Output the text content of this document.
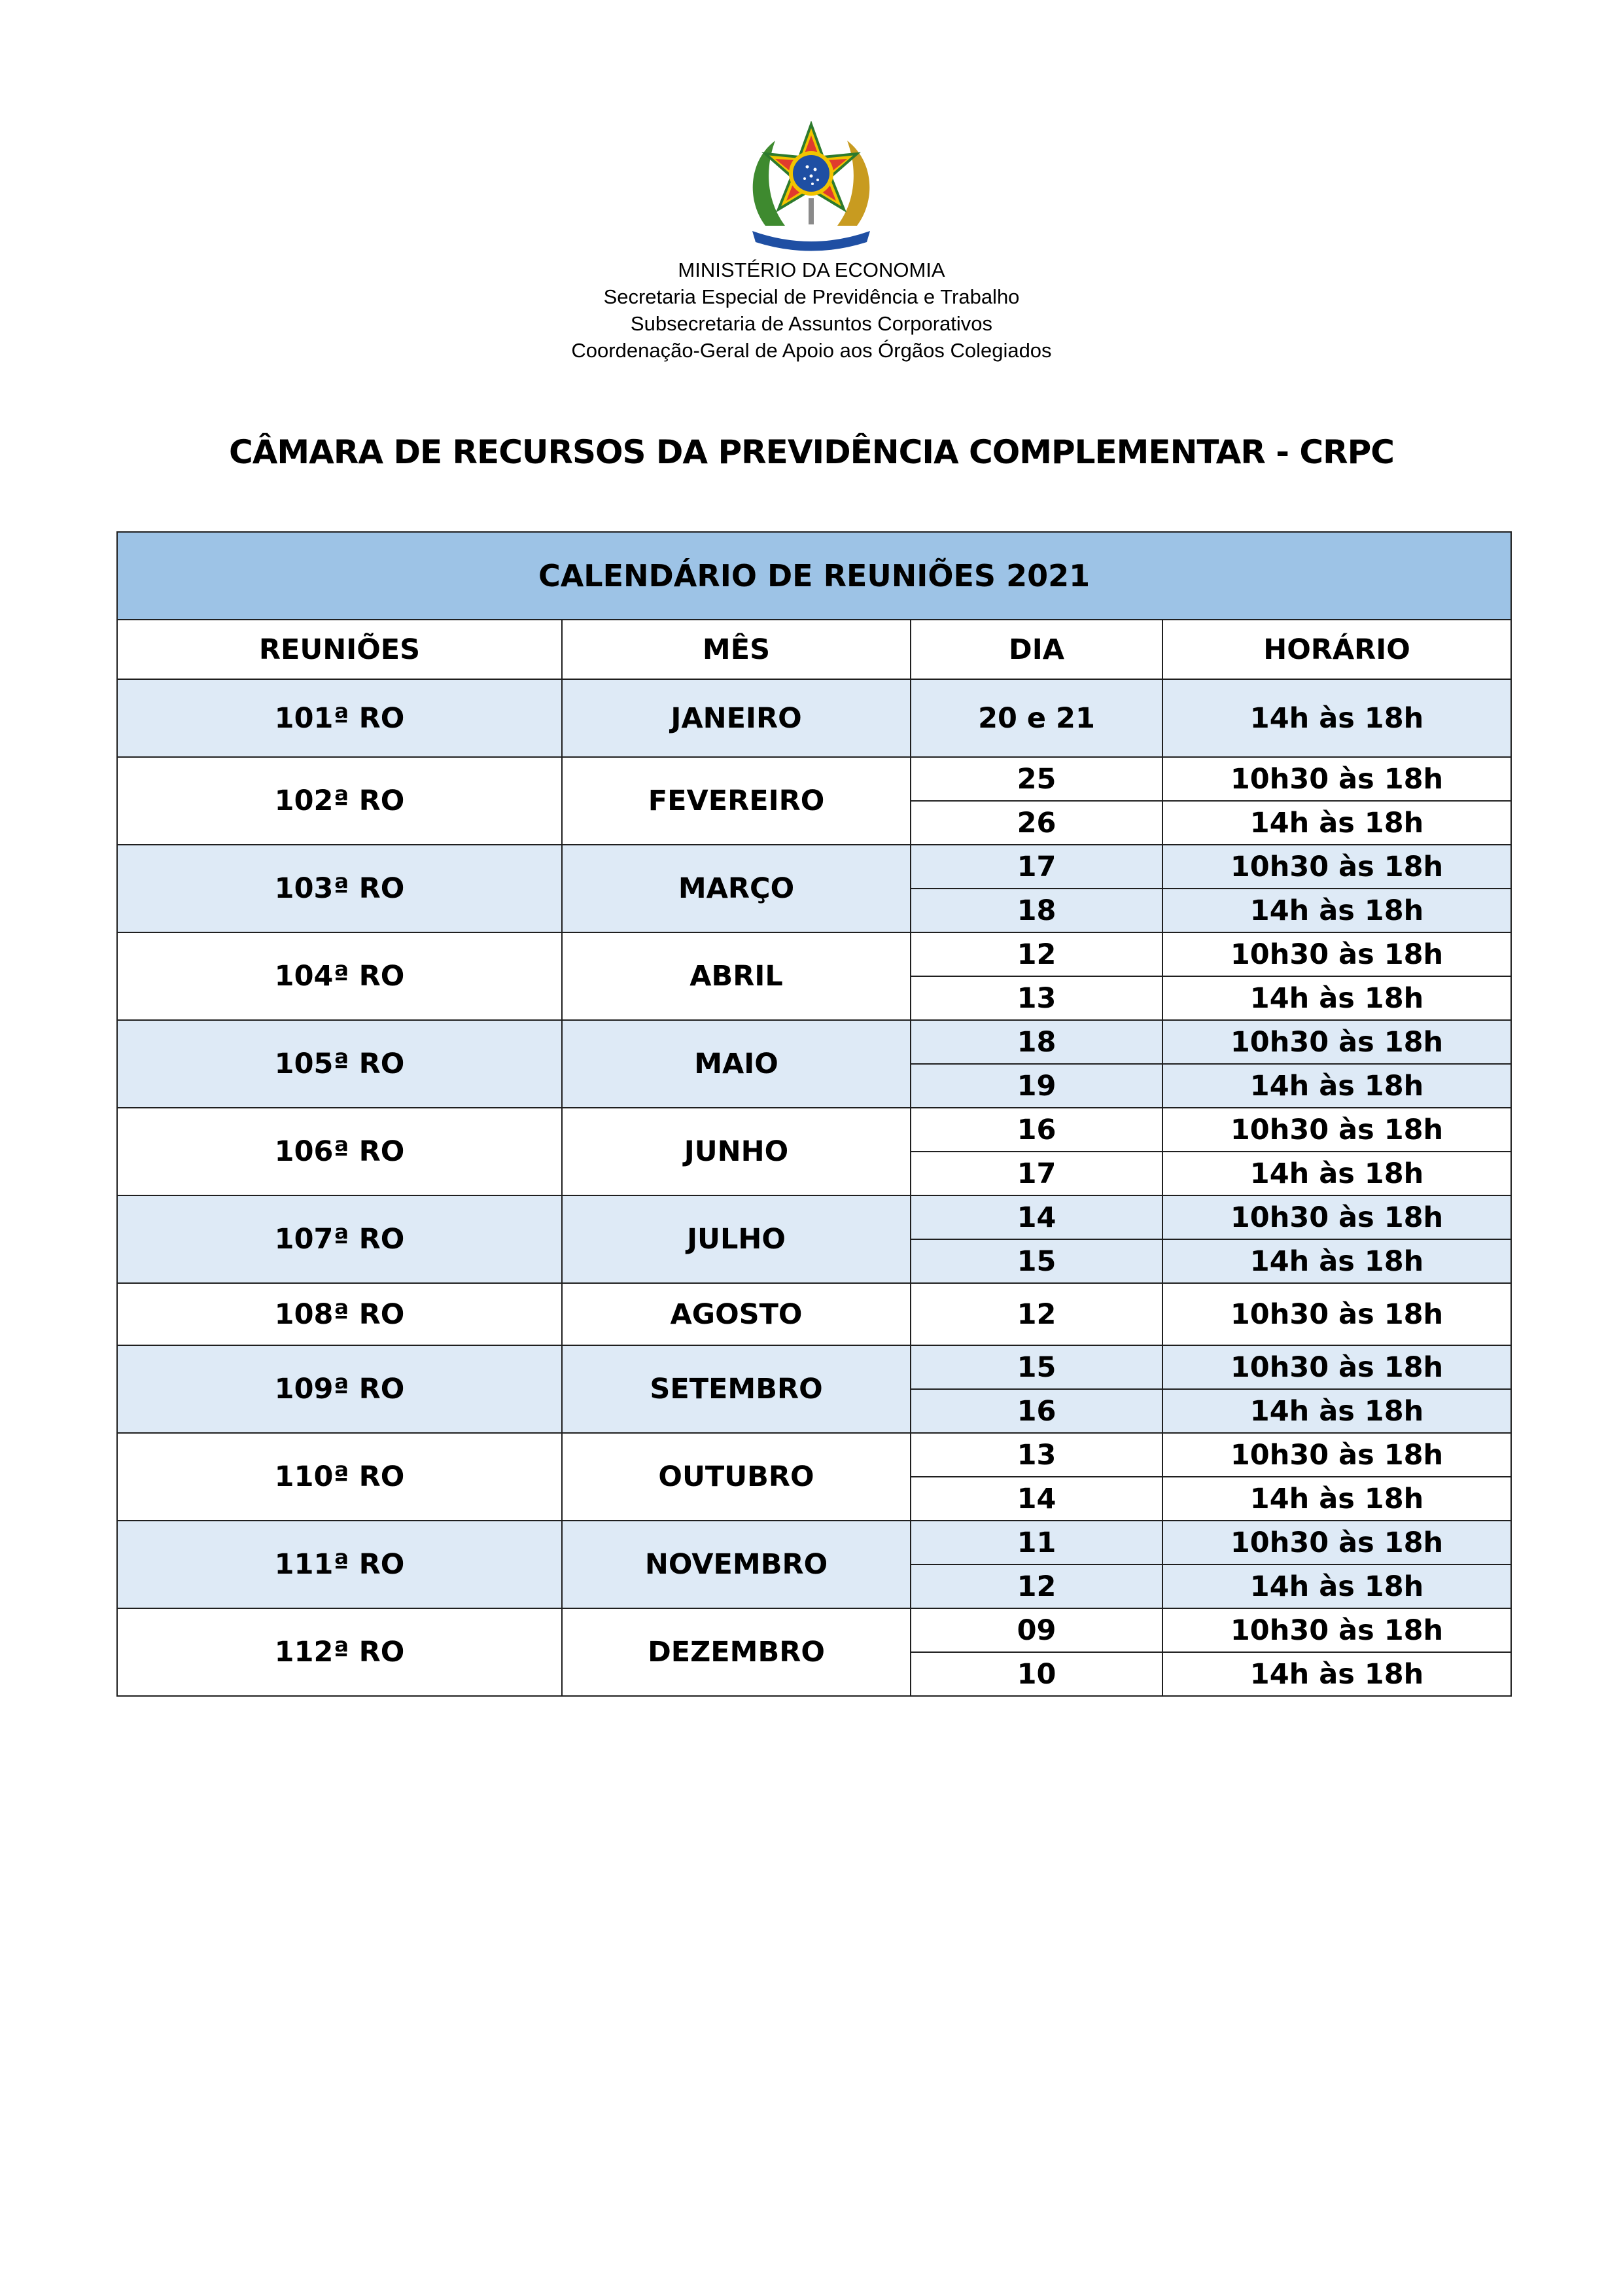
MINISTÉRIO DA ECONOMIA
Secretaria Especial de Previdência e Trabalho
Subsecretaria de Assuntos Corporativos
Coordenação-Geral de Apoio aos Órgãos Colegiados
CÂMARA DE RECURSOS DA PREVIDÊNCIA COMPLEMENTAR - CRPC
CALENDÁRIO DE REUNIÕES 2021			
REUNIÕES	MÊS	DIA	HORÁRIO
101ª RO	JANEIRO	20 e 21	14h às 18h
102ª RO	FEVEREIRO	25	10h30 às 18h
		26	14h às 18h
103ª RO	MARÇO	17	10h30 às 18h
		18	14h às 18h
104ª RO	ABRIL	12	10h30 às 18h
		13	14h às 18h
105ª RO	MAIO	18	10h30 às 18h
		19	14h às 18h
106ª RO	JUNHO	16	10h30 às 18h
		17	14h às 18h
107ª RO	JULHO	14	10h30 às 18h
		15	14h às 18h
108ª RO	AGOSTO	12	10h30 às 18h
109ª RO	SETEMBRO	15	10h30 às 18h
		16	14h às 18h
110ª RO	OUTUBRO	13	10h30 às 18h
		14	14h às 18h
111ª RO	NOVEMBRO	11	10h30 às 18h
		12	14h às 18h
112ª RO	DEZEMBRO	09	10h30 às 18h
		10	14h às 18h
